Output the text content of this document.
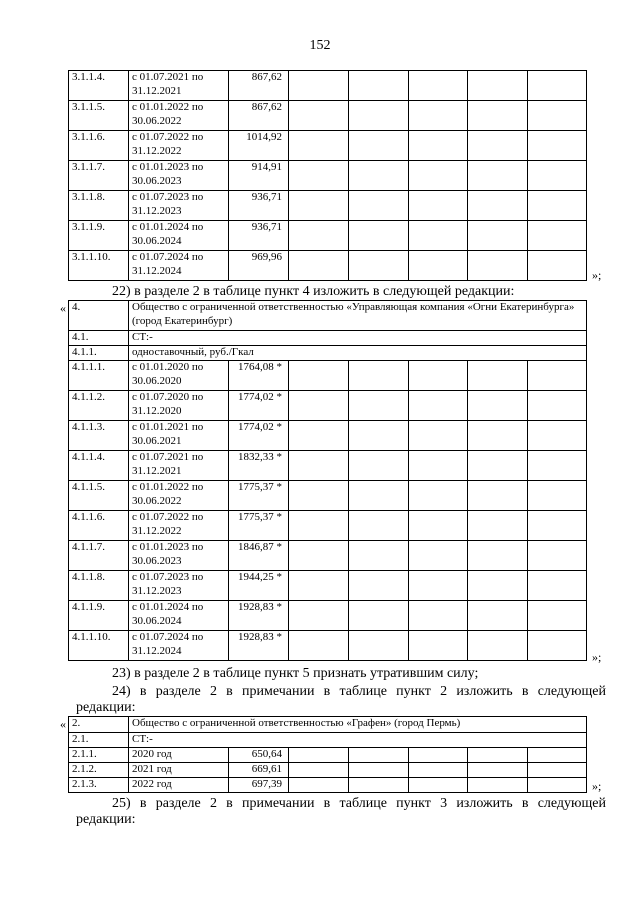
152
3.1.1.4.	с 01.07.2021 по 31.12.2021	867,62					
3.1.1.5.	с 01.01.2022 по 30.06.2022	867,62					
3.1.1.6.	с 01.07.2022 по 31.12.2022	1014,92					
3.1.1.7.	с 01.01.2023 по 30.06.2023	914,91					
3.1.1.8.	с 01.07.2023 по 31.12.2023	936,71					
3.1.1.9.	с 01.01.2024 по 30.06.2024	936,71					
3.1.1.10.	с 01.07.2024 по 31.12.2024	969,96					
»;
22) в разделе 2 в таблице пункт 4 изложить в следующей редакции:
« 4.	Общество с ограниченной ответственностью «Управляющая компания «Огни Екатеринбурга» (город Екатеринбург)						
4.1.	СТ:-						
4.1.1.	одноставочный, руб./Гкал						
4.1.1.1.	с 01.01.2020 по 30.06.2020	1764,08 *					
4.1.1.2.	с 01.07.2020 по 31.12.2020	1774,02 *					
4.1.1.3.	с 01.01.2021 по 30.06.2021	1774,02 *					
4.1.1.4.	с 01.07.2021 по 31.12.2021	1832,33 *					
4.1.1.5.	с 01.01.2022 по 30.06.2022	1775,37 *					
4.1.1.6.	с 01.07.2022 по 31.12.2022	1775,37 *					
4.1.1.7.	с 01.01.2023 по 30.06.2023	1846,87 *					
4.1.1.8.	с 01.07.2023 по 31.12.2023	1944,25 *					
4.1.1.9.	с 01.01.2024 по 30.06.2024	1928,83 *					
4.1.1.10.	с 01.07.2024 по 31.12.2024	1928,83 *					
»;
23) в разделе 2 в таблице пункт 5 признать утратившим силу;
24) в разделе 2 в примечании в таблице пункт 2 изложить в следующей
редакции:
« 2.	Общество с ограниченной ответственностью «Графен» (город Пермь)						
2.1.	СТ:-						
2.1.1.	2020 год	650,64					
2.1.2.	2021 год	669,61					
2.1.3.	2022 год	697,39						»;
25) в разделе 2 в примечании в таблице пункт 3 изложить в следующей
редакции:
